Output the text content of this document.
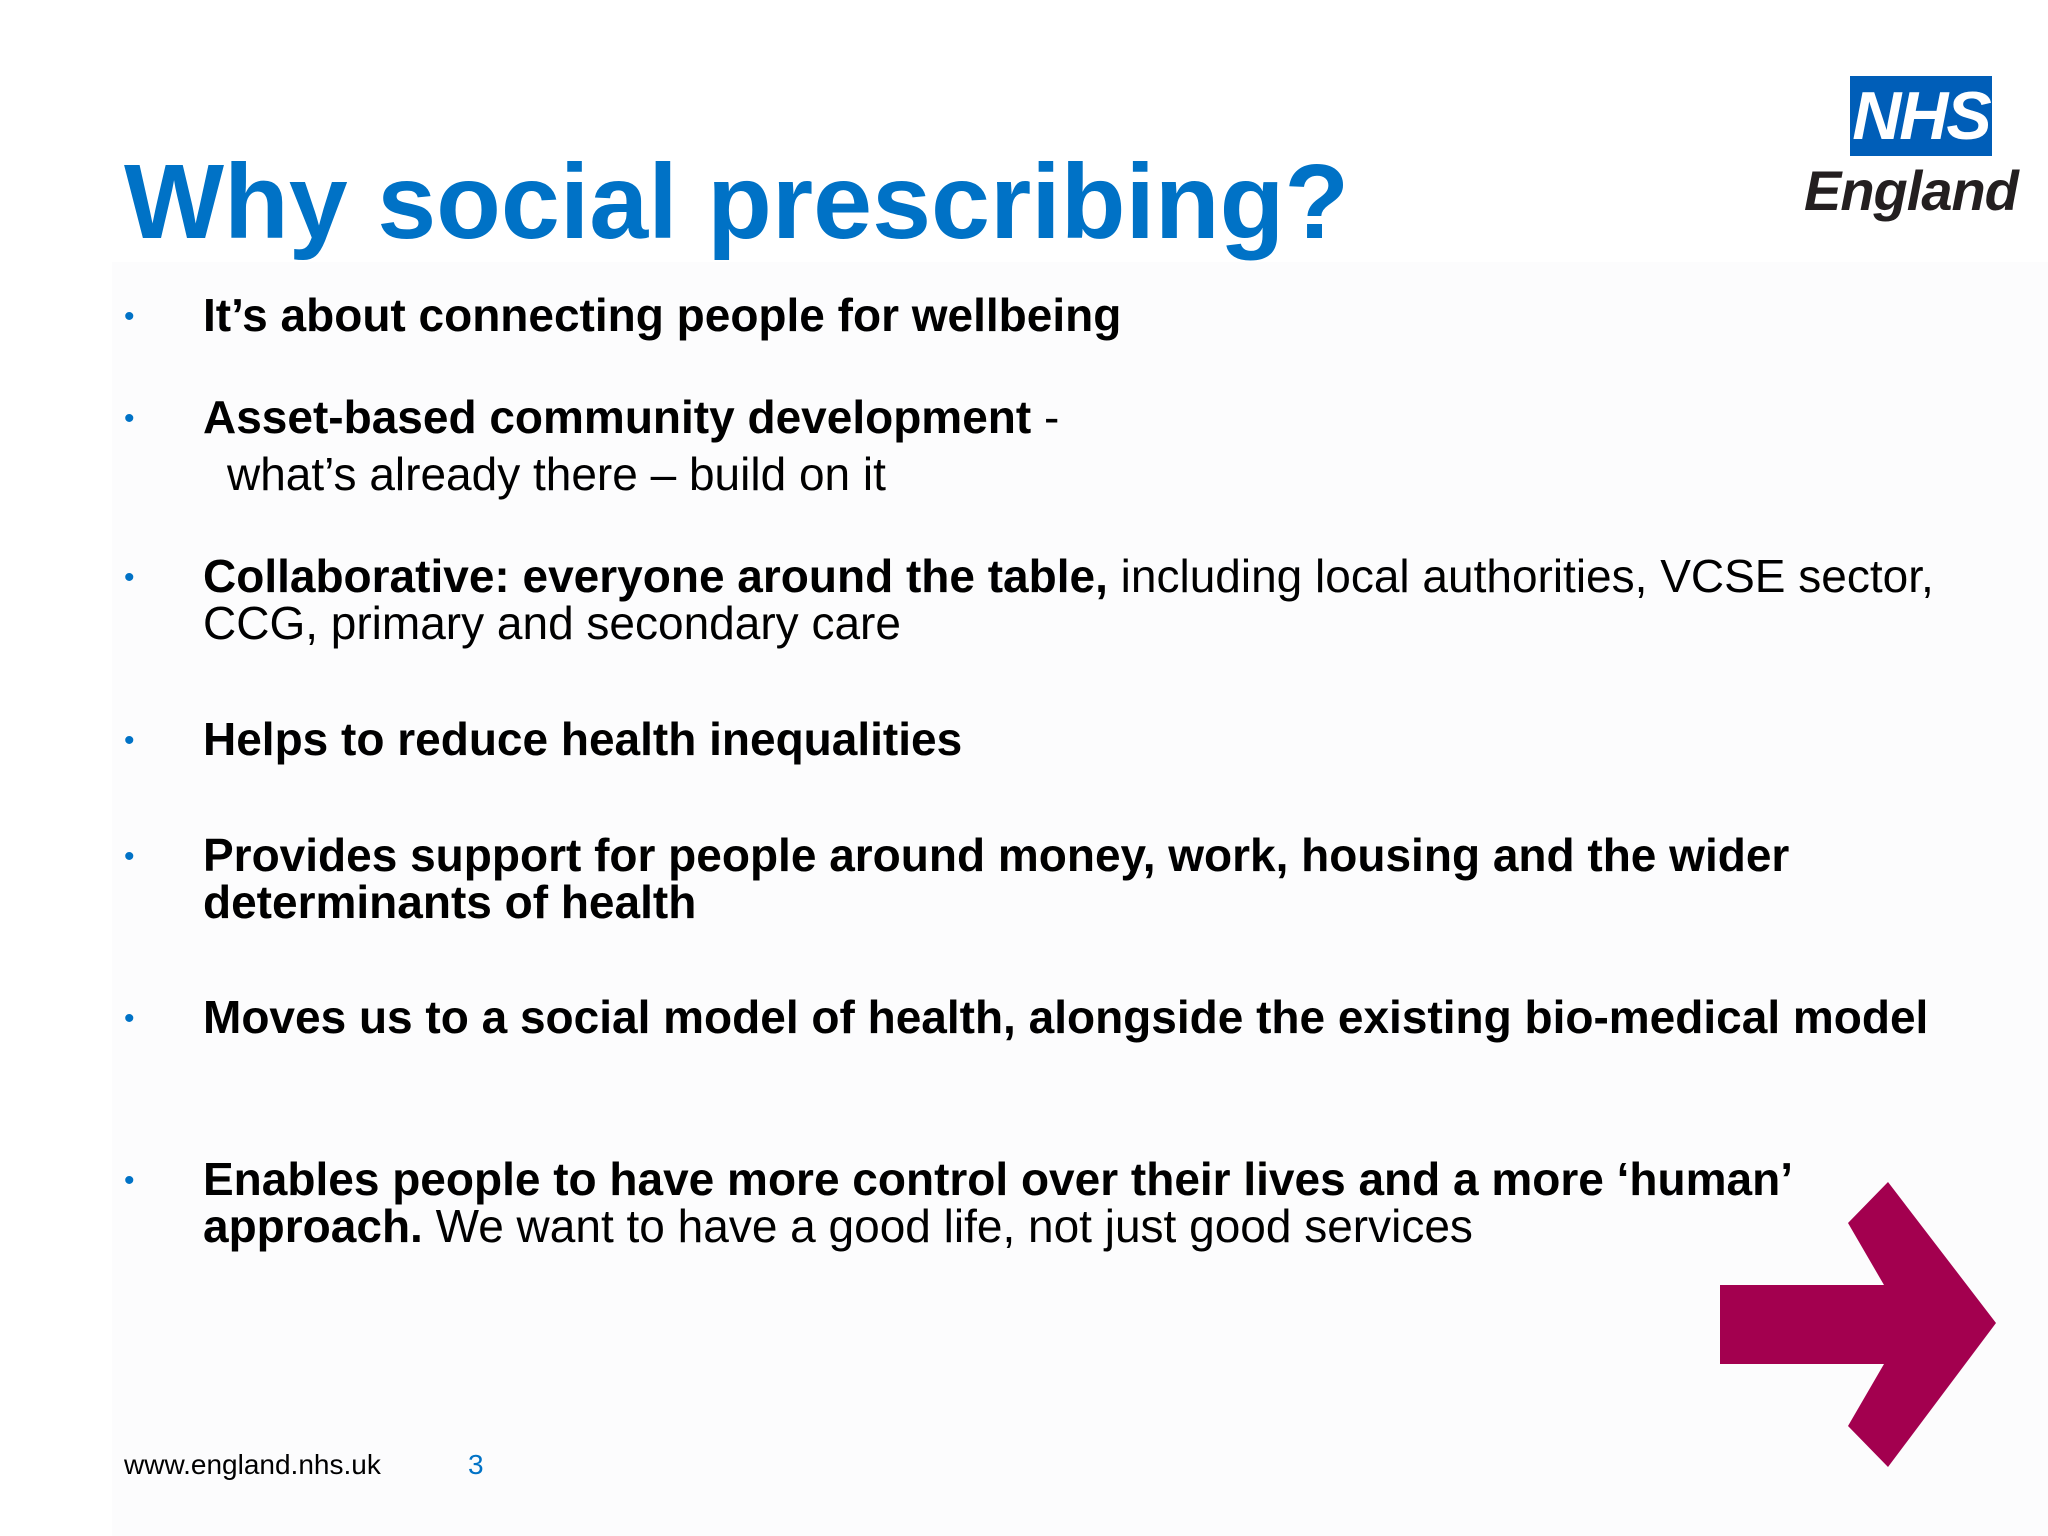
Why social prescribing?
NHS
England
•	It’s about connecting people for wellbeing
•	Asset-based community development -
what’s already there – build on it
•	Collaborative: everyone around the table, including local authorities, VCSE sector, CCG, primary and secondary care
•	Helps to reduce health inequalities
•	Provides support for people around money, work, housing and the wider determinants of health
•	Moves us to a social model of health, alongside the existing bio-medical model
•	Enables people to have more control over their lives and a more ‘human’ approach. We want to have a good life, not just good services
www.england.nhs.uk	3
